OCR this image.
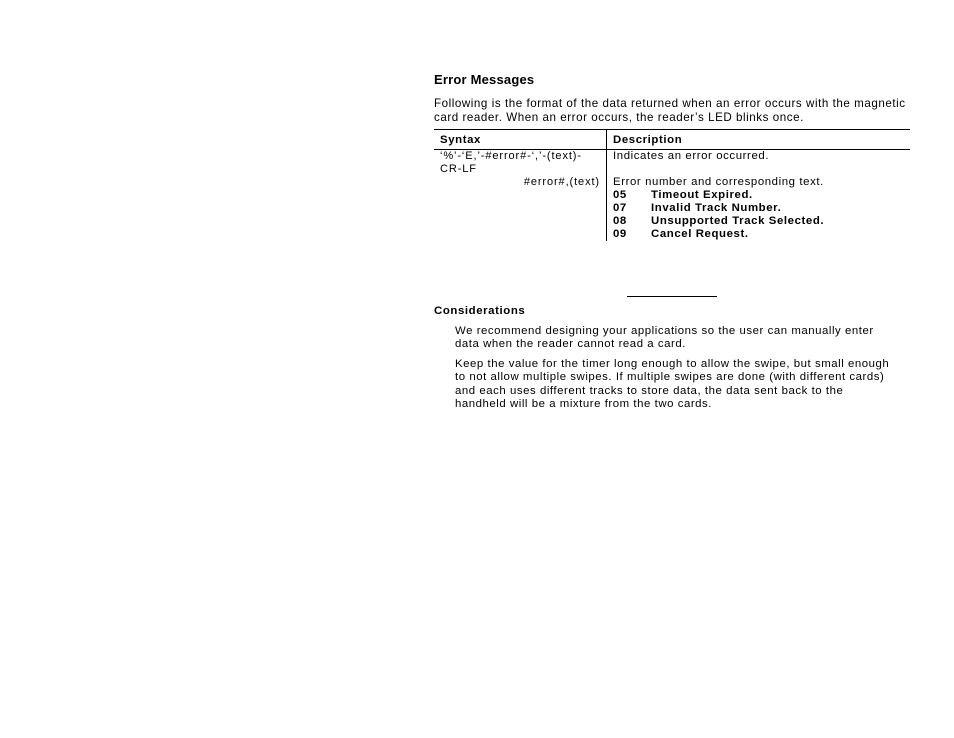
Error Messages
Following is the format of the data returned when an error occurs with the magnetic card reader. When an error occurs, the reader’s LED blinks once.
Syntax	Description
‘%’-‘E,’-#error#-‘,’-(text)-CR-LF	Indicates an error occurred.
#error#,(text)	Error number and corresponding text.
	05 Timeout Expired.
	07 Invalid Track Number.
	08 Unsupported Track Selected.
	09 Cancel Request.
Considerations
We recommend designing your applications so the user can manually enter data when the reader cannot read a card.
Keep the value for the timer long enough to allow the swipe, but small enough to not allow multiple swipes. If multiple swipes are done (with different cards) and each uses different tracks to store data, the data sent back to the handheld will be a mixture from the two cards.
